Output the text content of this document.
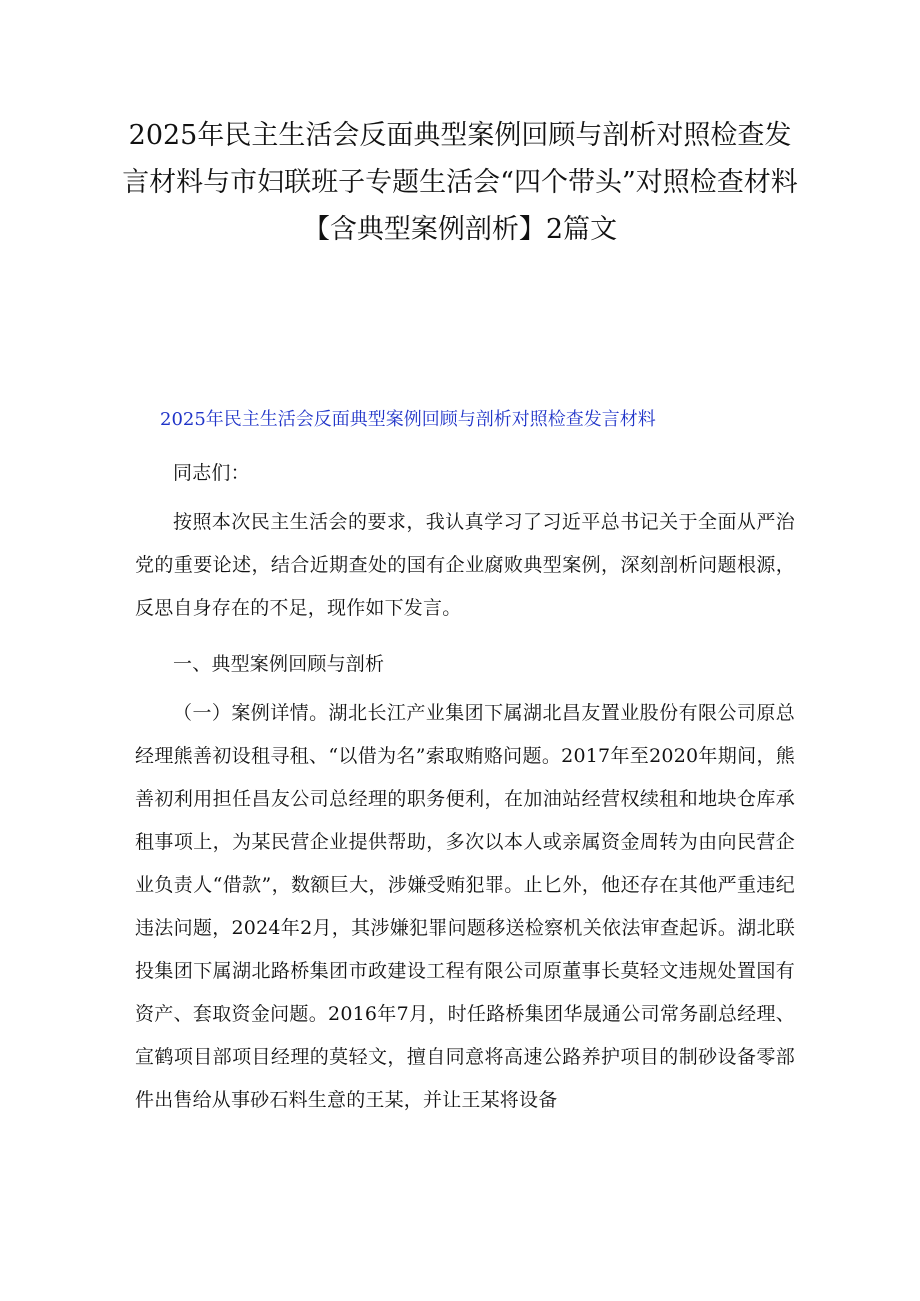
2025年民主生活会反面典型案例回顾与剖析对照检查发言材料与市妇联班子专题生活会“四个带头”对照检查材料【含典型案例剖析】2篇文
2025年民主生活会反面典型案例回顾与剖析对照检查发言材料

同志们：

按照本次民主生活会的要求，我认真学习了习近平总书记关于全面从严治党的重要论述，结合近期查处的国有企业腐败典型案例，深刻剖析问题根源，反思自身存在的不足，现作如下发言。

一、典型案例回顾与剖析

（一）案例详情。湖北长江产业集团下属湖北昌友置业股份有限公司原总经理熊善初设租寻租、“以借为名”索取贿赂问题。2017年至2020年期间，熊善初利用担任昌友公司总经理的职务便利，在加油站经营权续租和地块仓库承租事项上，为某民营企业提供帮助，多次以本人或亲属资金周转为由向民营企业负责人“借款”，数额巨大，涉嫌受贿犯罪。止匕外，他还存在其他严重违纪违法问题，2024年2月，其涉嫌犯罪问题移送检察机关依法审查起诉。湖北联投集团下属湖北路桥集团市政建设工程有限公司原董事长莫轻文违规处置国有资产、套取资金问题。2016年7月，时任路桥集团华晟通公司常务副总经理、宣鹤项目部项目经理的莫轻文，擅自同意将高速公路养护项目的制砂设备零部件出售给从事砂石料生意的王某，并让王某将设备
